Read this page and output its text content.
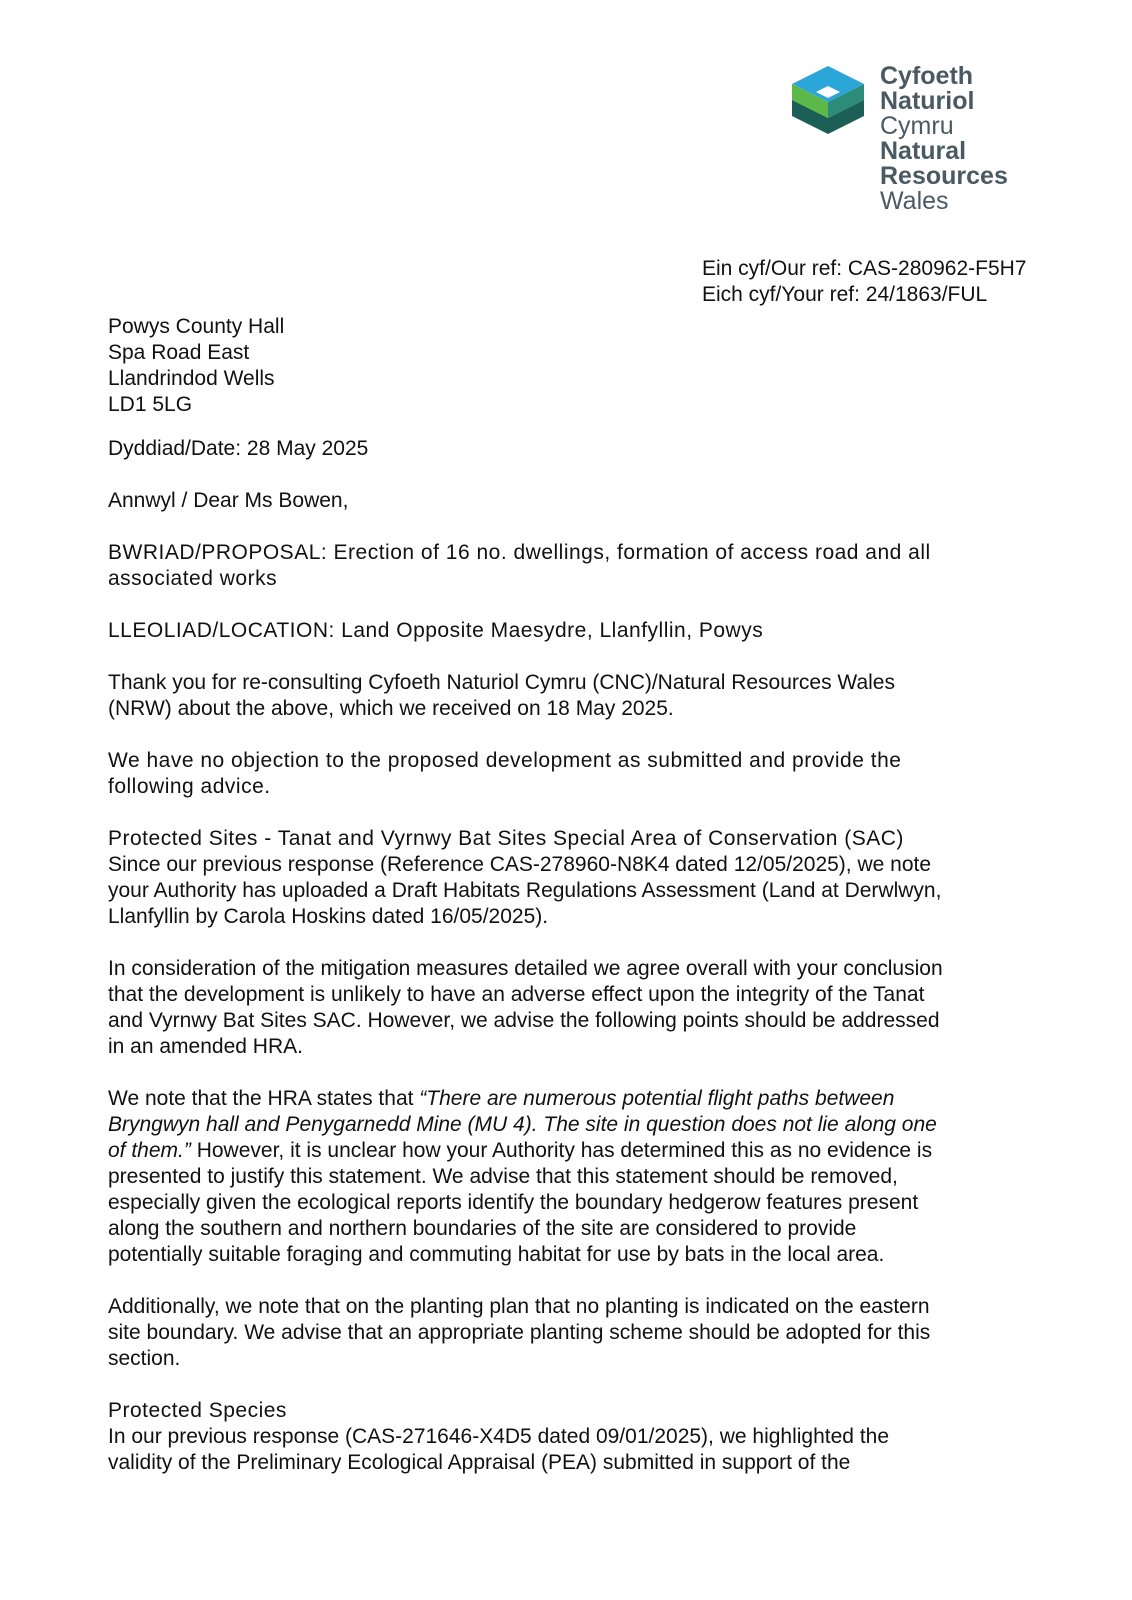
Cyfoeth
Naturiol
Cymru
Natural
Resources
Wales
Ein cyf/Our ref: CAS-280962-F5H7
Eich cyf/Your ref: 24/1863/FUL
Powys County Hall
Spa Road East
Llandrindod Wells
LD1 5LG
Dyddiad/Date: 28 May 2025
Annwyl / Dear Ms Bowen,
BWRIAD/PROPOSAL: Erection of 16 no. dwellings, formation of access road and all
associated works
LLEOLIAD/LOCATION: Land Opposite Maesydre, Llanfyllin, Powys
Thank you for re-consulting Cyfoeth Naturiol Cymru (CNC)/Natural Resources Wales
(NRW) about the above, which we received on 18 May 2025.
We have no objection to the proposed development as submitted and provide the
following advice.
Protected Sites - Tanat and Vyrnwy Bat Sites Special Area of Conservation (SAC)
Since our previous response (Reference CAS-278960-N8K4 dated 12/05/2025), we note
your Authority has uploaded a Draft Habitats Regulations Assessment (Land at Derwlwyn,
Llanfyllin by Carola Hoskins dated 16/05/2025).
In consideration of the mitigation measures detailed we agree overall with your conclusion
that the development is unlikely to have an adverse effect upon the integrity of the Tanat
and Vyrnwy Bat Sites SAC. However, we advise the following points should be addressed
in an amended HRA.
We note that the HRA states that “There are numerous potential flight paths between
Bryngwyn hall and Penygarnedd Mine (MU 4). The site in question does not lie along one
of them.” However, it is unclear how your Authority has determined this as no evidence is
presented to justify this statement. We advise that this statement should be removed,
especially given the ecological reports identify the boundary hedgerow features present
along the southern and northern boundaries of the site are considered to provide
potentially suitable foraging and commuting habitat for use by bats in the local area.
Additionally, we note that on the planting plan that no planting is indicated on the eastern
site boundary. We advise that an appropriate planting scheme should be adopted for this
section.
Protected Species
In our previous response (CAS-271646-X4D5 dated 09/01/2025), we highlighted the
validity of the Preliminary Ecological Appraisal (PEA) submitted in support of the
